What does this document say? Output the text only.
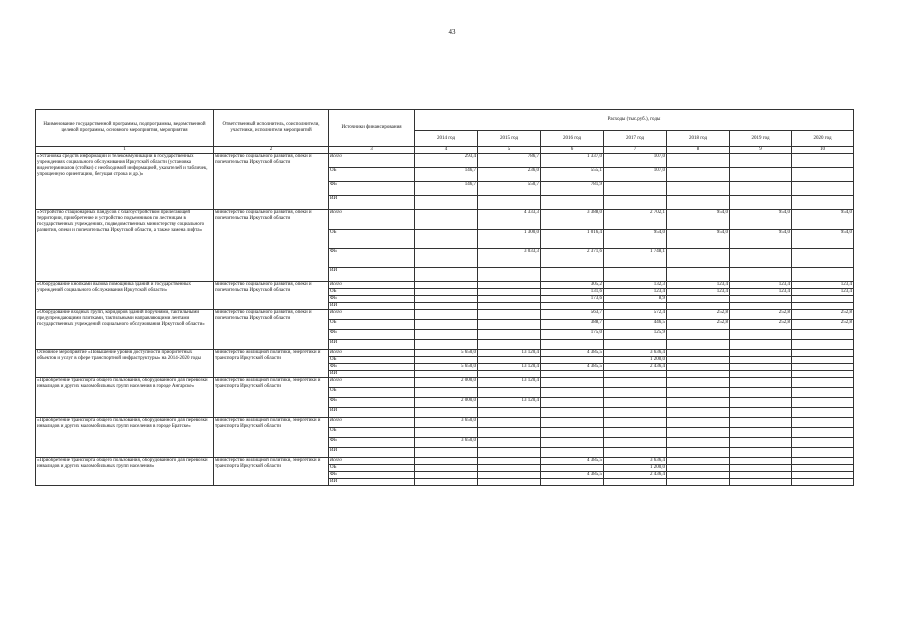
43
Наименование государственной программы, подпрограммы, ведомственной целевой программы, основного мероприятия, мероприятия	Ответственный исполнитель, соисполнители, участники, исполнители мероприятий	Источники финансирования	Расходы (тыс.руб.), годы						
			2014 год	2015 год	2016 год	2017 год	2018 год	2019 год	2020 год
1	2	3	4	5	6	7	8	9	10
«Установка средств информации и телекоммуникации в государственных учреждениях социального обслуживания Иркутской области (установка видеотерминалов (стойки) с необходимой информацией, указателей и табличек, упрощенную ориентацию, бегущая строка и др.)»	министерство социального развития, опеки и попечительства Иркутской области	Всего	293,4	786,7	1 337,0	107,0			
		ОБ	146,7	236,0	555,1	107,0			
		ФБ	146,7	550,7	781,9				
		ИИ							
«Устройство стационарных пандусов с благоустройством прилегающей территории, приобретение и устройство подъемников по лестницам в государственных учреждениях, подведомственных министерству социального развития, опеки и попечительства Иркутской области, а также замена лифта»	министерство социального развития, опеки и попечительства Иркутской области	Всего		4 333,3	3 388,0	2 702,1	954,0	954,0	954,0
		ОБ		1 300,0	1 016,4	954,0	954,0	954,0	954,0
		ФБ		3 033,3	2 371,6	1 748,1			
		ИИ							
«Оборудование кнопками вызова помощника зданий и государственных учреждений социального обслуживания Иркутской области»	министерство социального развития, опеки и попечительства Иркутской области	Всего			305,2	132,3	123,4	123,4	123,4
		ОБ			131,6	123,4	123,4	123,4	123,4
		ФБ			173,6	8,9			
		ИИ							
«Оборудование входных групп, коридоров зданий поручнями, тактильными предупреждающими плитками, тактильными направляющими лентами государственных учреждений социального обслуживания Иркутской области»	министерство социального развития, опеки и попечительства Иркутской области	Всего			563,7	572,4	252,8	252,8	252,8
		ОБ			388,7	446,5	252,8	252,8	252,8
		ФБ			175,0	125,9			
		ИИ							
Основное мероприятие «Повышение уровня доступности приоритетных объектов и услуг в сфере транспортной инфраструктуры» на 2014-2020 годы	министерство жилищной политики, энергетики и транспорта Иркутской области	Всего	5 650,0	13 120,4	4 385,5	3 636,4			
		ОБ				1 200,0			
		ФБ	5 650,0	13 120,4	4 385,5	2 436,4			
		ИИ							
«Приобретение транспорта общего пользования, оборудованного для перевозки инвалидов и других маломобильных групп населения в городе Ангарске»	министерство жилищной политики, энергетики и транспорта Иркутской области	Всего	2 000,0	13 120,4					
		ОБ							
		ФБ	2 000,0	13 120,4					
		ИИ							
«Приобретение транспорта общего пользования, оборудованного для перевозки инвалидов и других маломобильных групп населения в городе Братске»	министерство жилищной политики, энергетики и транспорта Иркутской области	Всего	3 650,0						
		ОБ							
		ФБ	3 650,0						
		ИИ							
«Приобретение транспорта общего пользования, оборудованного для перевозки инвалидов и других маломобильных групп населения»	министерство жилищной политики, энергетики и транспорта Иркутской области	Всего			4 385,5	3 636,4			
		ОБ				1 200,0			
		ФБ			4 385,5	2 436,4			
		ИИ							
